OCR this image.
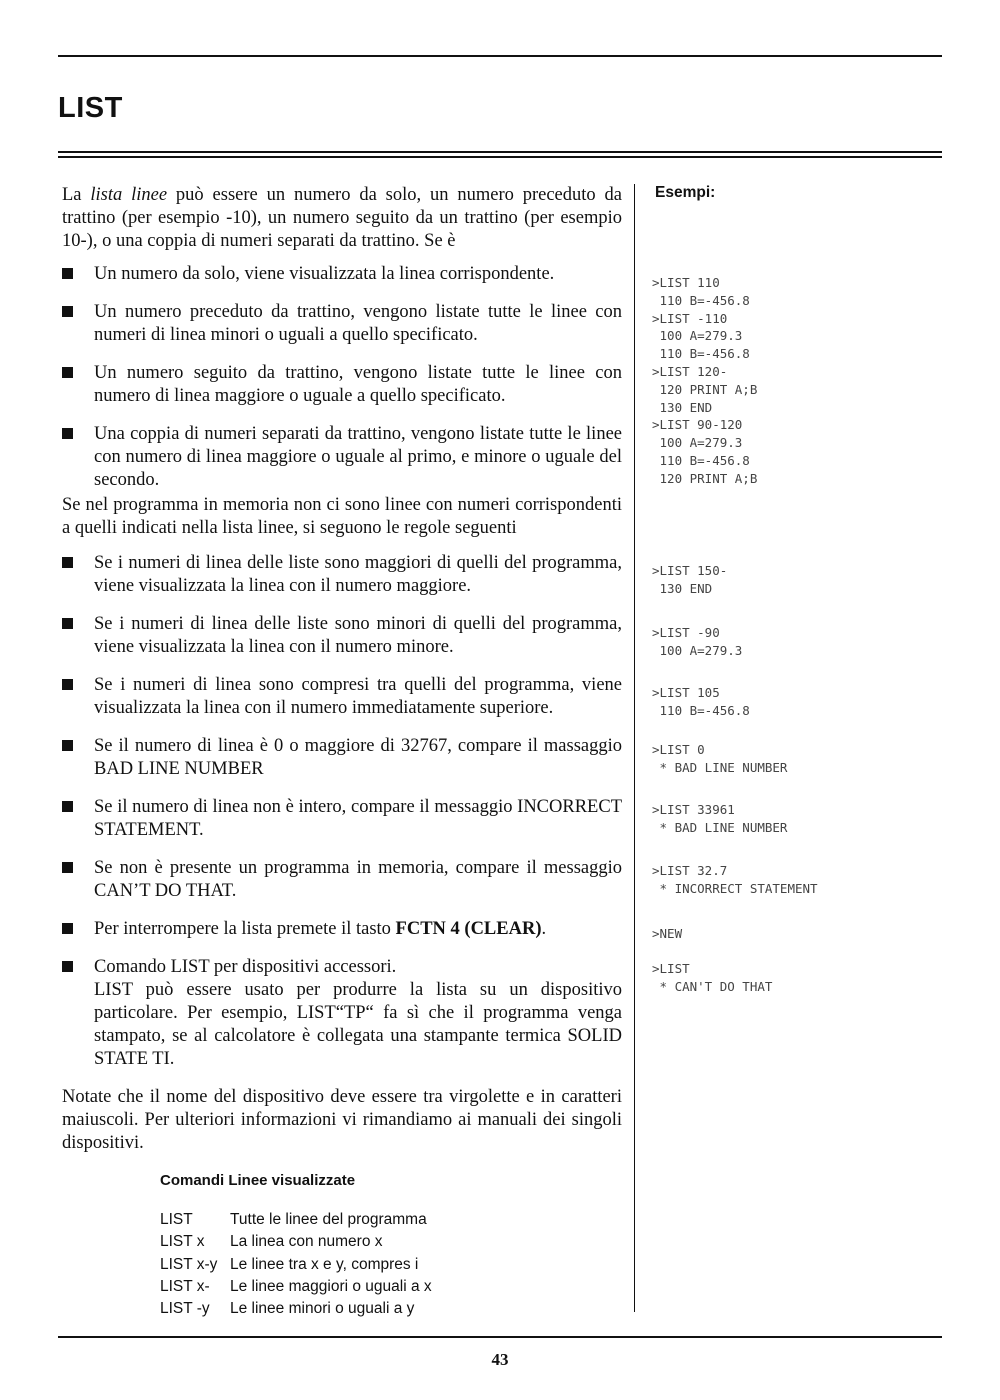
LIST

La lista linee può essere un numero da solo, un numero preceduto da trattino (per esempio -10), un numero seguito da un trattino (per esempio 10-), o una coppia di numeri separati da trattino. Se è

Un numero da solo, viene visualizzata la linea corrispondente.
Un numero preceduto da trattino, vengono listate tutte le linee con numeri di linea minori o uguali a quello specificato.
Un numero seguito da trattino, vengono listate tutte le linee con numero di linea maggiore o uguale a quello specificato.
Una coppia di numeri separati da trattino, vengono listate tutte le linee con numero di linea maggiore o uguale al primo, e minore o uguale del secondo.

Se nel programma in memoria non ci sono linee con numeri corrispondenti a quelli indicati nella lista linee, si seguono le regole seguenti

Se i numeri di linea delle liste sono maggiori di quelli del programma, viene visualizzata la linea con il numero maggiore.
Se i numeri di linea delle liste sono minori di quelli del programma, viene visualizzata la linea con il numero minore.
Se i numeri di linea sono compresi tra quelli del programma, viene visualizzata la linea con il numero immediatamente superiore.
Se il numero di linea è 0 o maggiore di 32767, compare il massaggio BAD LINE NUMBER
Se il numero di linea non è intero, compare il messaggio INCORRECT STATEMENT.
Se non è presente un programma in memoria, compare il messaggio CAN’T DO THAT.
Per interrompere la lista premete il tasto FCTN 4 (CLEAR).
Comando LIST per dispositivi accessori.
LIST può essere usato per produrre la lista su un dispositivo particolare. Per esempio, LIST“TP“ fa sì che il programma venga stampato, se al calcolatore è collegata una stampante termica SOLID STATE TI.

Notate che il nome del dispositivo deve essere tra virgolette e in caratteri maiuscoli. Per ulteriori informazioni vi rimandiamo ai manuali dei singoli dispositivi.

Esempi:
>LIST 110
110 B=-456.8
>LIST -110
100 A=279.3
110 B=-456.8
>LIST 120-
120 PRINT A;B
130 END
>LIST 90-120
100 A=279.3
110 B=-456.8
120 PRINT A;B
>LIST 150-
130 END
>LIST -90
100 A=279.3
>LIST 105
110 B=-456.8
>LIST 0
* BAD LINE NUMBER
>LIST 33961
* BAD LINE NUMBER
>LIST 32.7
* INCORRECT STATEMENT
>NEW
>LIST
* CAN'T DO THAT
Comandi Linee visualizzate
LIST Tutte le linee del programma
LIST x La linea con numero x
LIST x-y Le linee tra x e y, compres i
LIST x- Le linee maggiori o uguali a x
LIST -y Le linee minori o uguali a y
43
